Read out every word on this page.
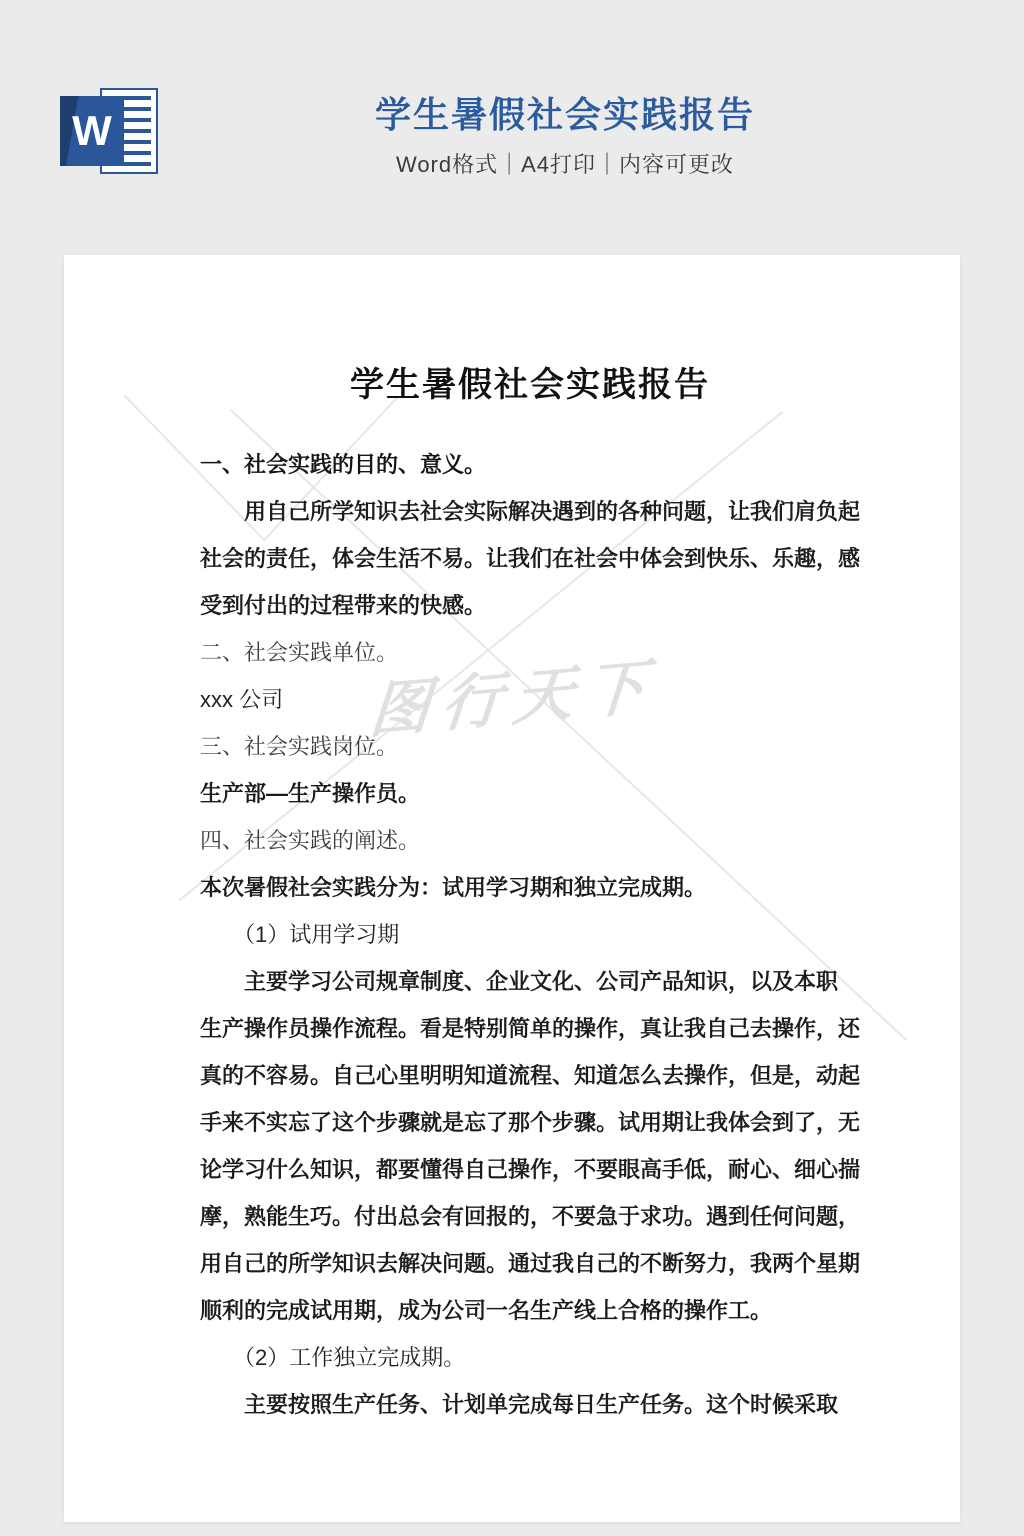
W	学生暑假社会实践报告
Word格式｜A4打印｜内容可更改
图行天下
学生暑假社会实践报告
一、社会实践的目的、意义。
用自己所学知识去社会实际解决遇到的各种问题，让我们肩负起
社会的责任，体会生活不易。让我们在社会中体会到快乐、乐趣，感
受到付出的过程带来的快感。
二、社会实践单位。
xxx 公司
三、社会实践岗位。
生产部—生产操作员。
四、社会实践的阐述。
本次暑假社会实践分为：试用学习期和独立完成期。
（1）试用学习期
主要学习公司规章制度、企业文化、公司产品知识，以及本职
生产操作员操作流程。看是特别简单的操作，真让我自己去操作，还
真的不容易。自己心里明明知道流程、知道怎么去操作，但是，动起
手来不实忘了这个步骤就是忘了那个步骤。试用期让我体会到了，无
论学习什么知识，都要懂得自己操作，不要眼高手低，耐心、细心揣
摩，熟能生巧。付出总会有回报的，不要急于求功。遇到任何问题，
用自己的所学知识去解决问题。通过我自己的不断努力，我两个星期
顺利的完成试用期，成为公司一名生产线上合格的操作工。
（2）工作独立完成期。
主要按照生产任务、计划单完成每日生产任务。这个时候采取
